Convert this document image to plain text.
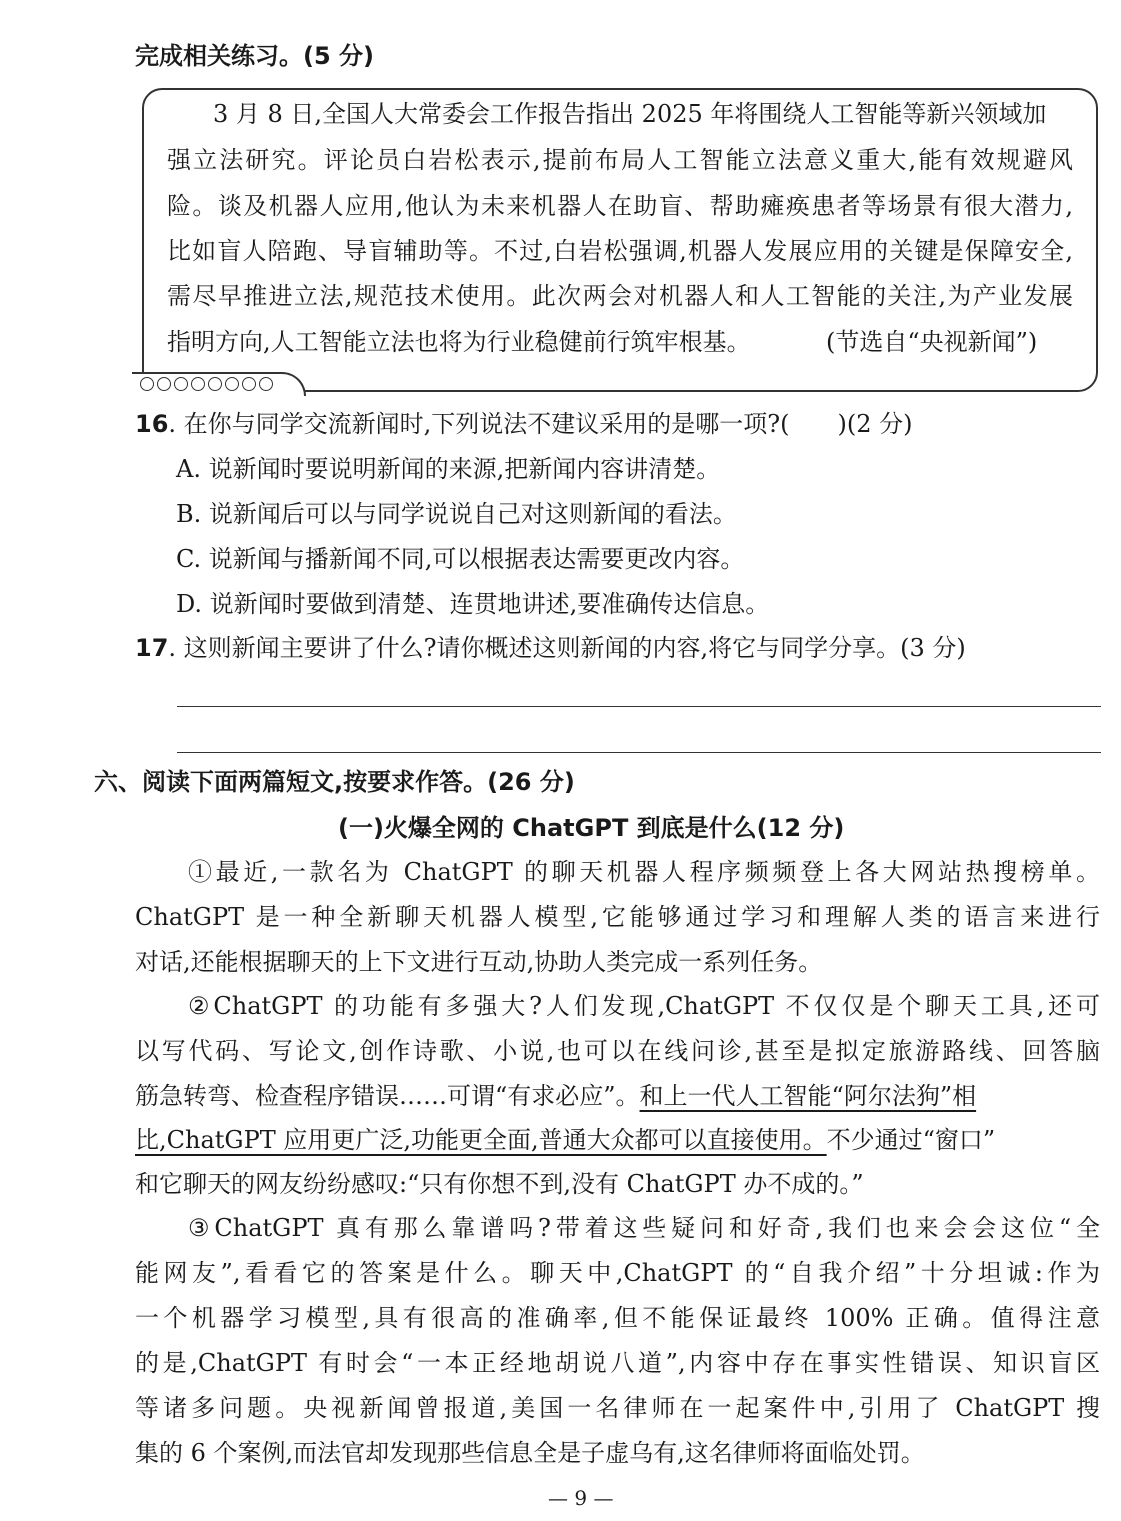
完成相关练习。(5 分)
3 月 8 日,全国人大常委会工作报告指出 2025 年将围绕人工智能等新兴领域加
强立法研究。评论员白岩松表示,提前布局人工智能立法意义重大,能有效规避风
险。谈及机器人应用,他认为未来机器人在助盲、帮助瘫痪患者等场景有很大潜力,
比如盲人陪跑、导盲辅助等。不过,白岩松强调,机器人发展应用的关键是保障安全,
需尽早推进立法,规范技术使用。此次两会对机器人和人工智能的关注,为产业发展
指明方向,人工智能立法也将为行业稳健前行筑牢根基。	(节选自“央视新闻”)
16. 在你与同学交流新闻时,下列说法不建议采用的是哪一项?(　　)(2 分)
A. 说新闻时要说明新闻的来源,把新闻内容讲清楚。
B. 说新闻后可以与同学说说自己对这则新闻的看法。
C. 说新闻与播新闻不同,可以根据表达需要更改内容。
D. 说新闻时要做到清楚、连贯地讲述,要准确传达信息。
17. 这则新闻主要讲了什么?请你概述这则新闻的内容,将它与同学分享。(3 分)
六、阅读下面两篇短文,按要求作答。(26 分)
(一)火爆全网的 ChatGPT 到底是什么(12 分)
①最近,一款名为 ChatGPT 的聊天机器人程序频频登上各大网站热搜榜单。
ChatGPT 是一种全新聊天机器人模型,它能够通过学习和理解人类的语言来进行
对话,还能根据聊天的上下文进行互动,协助人类完成一系列任务。
②ChatGPT 的功能有多强大?人们发现,ChatGPT 不仅仅是个聊天工具,还可
以写代码、写论文,创作诗歌、小说,也可以在线问诊,甚至是拟定旅游路线、回答脑
筋急转弯、检查程序错误……可谓“有求必应”。和上一代人工智能“阿尔法狗”相
比,ChatGPT 应用更广泛,功能更全面,普通大众都可以直接使用。不少通过“窗口”
和它聊天的网友纷纷感叹:“只有你想不到,没有 ChatGPT 办不成的。”
③ChatGPT 真有那么靠谱吗?带着这些疑问和好奇,我们也来会会这位“全
能网友”,看看它的答案是什么。聊天中,ChatGPT 的“自我介绍”十分坦诚:作为
一个机器学习模型,具有很高的准确率,但不能保证最终 100% 正确。值得注意
的是,ChatGPT 有时会“一本正经地胡说八道”,内容中存在事实性错误、知识盲区
等诸多问题。央视新闻曾报道,美国一名律师在一起案件中,引用了 ChatGPT 搜
集的 6 个案例,而法官却发现那些信息全是子虚乌有,这名律师将面临处罚。
— 9 —
